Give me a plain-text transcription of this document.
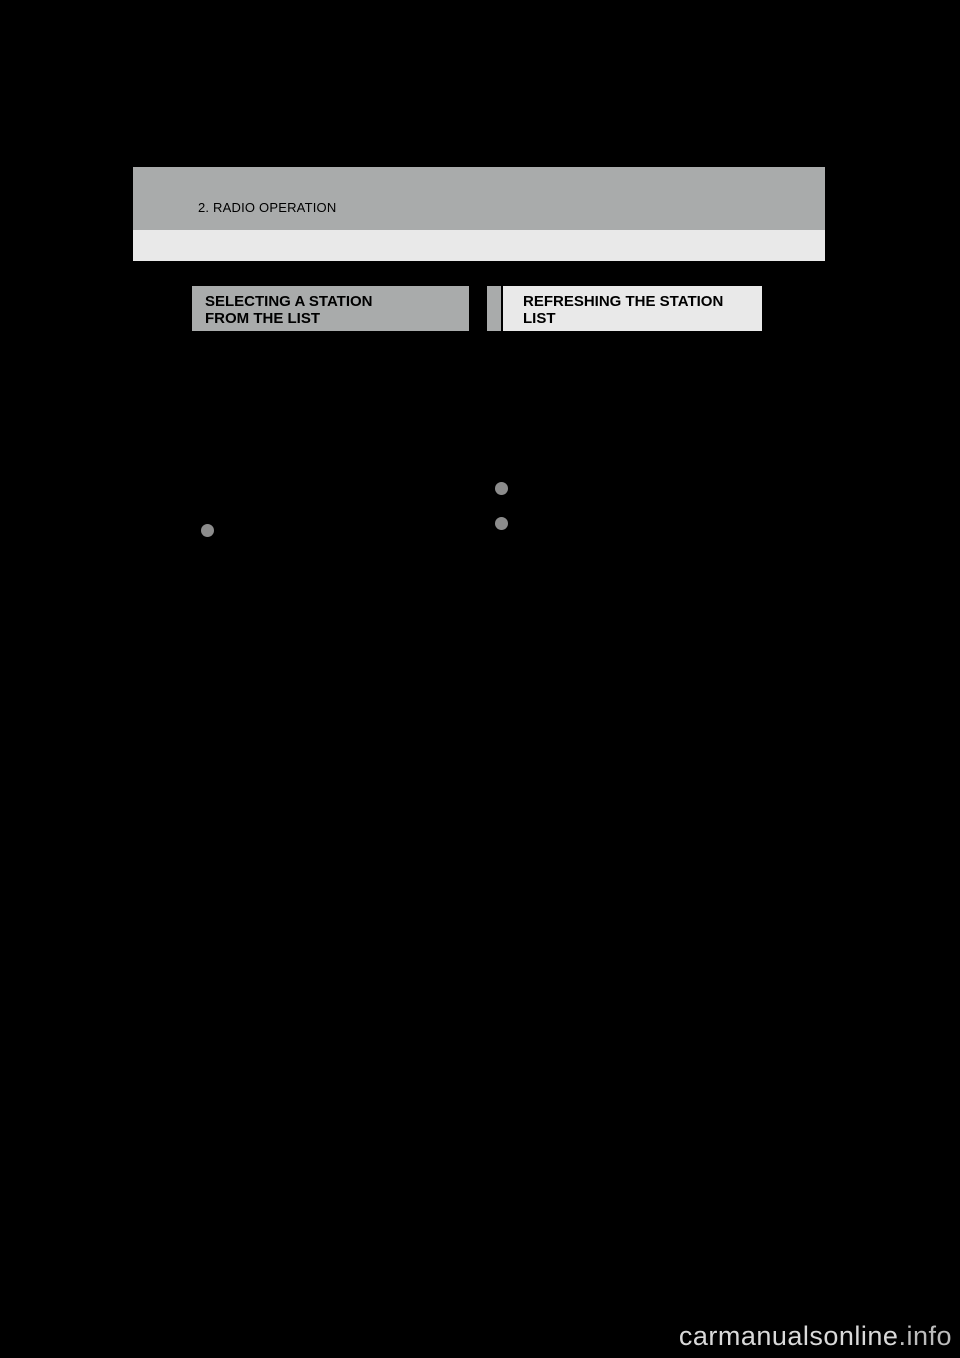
2. RADIO OPERATION
SELECTING A STATION
FROM THE LIST
REFRESHING THE STATION
LIST
carmanualsonline.info
